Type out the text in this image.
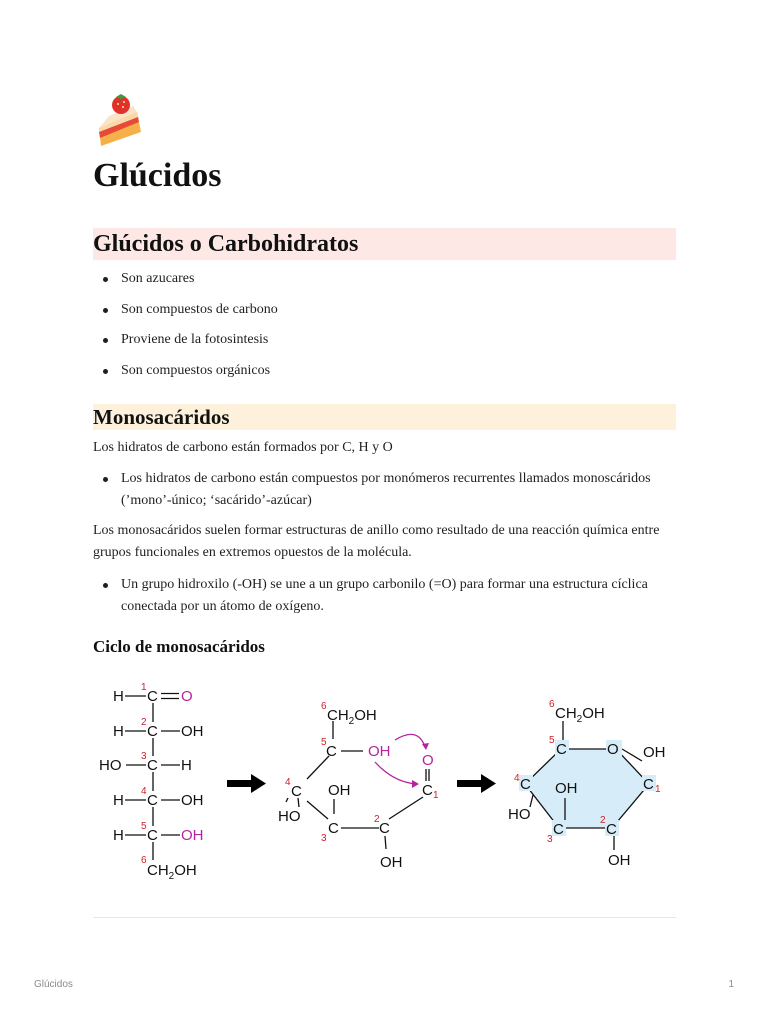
Glúcidos
Glúcidos o Carbohidratos
Son azucares
Son compuestos de carbono
Proviene de la fotosintesis
Son compuestos orgánicos
Monosacáridos

Los hidratos de carbono están formados por C, H y O

Los hidratos de carbono están compuestos por monómeros recurrentes llamados monoscáridos (’mono’-único; ‘sacárido’-azúcar)

Los monosacáridos suelen formar estructuras de anillo como resultado de una reacción química entre grupos funcionales en extremos opuestos de la molécula.

Un grupo hidroxilo (-OH) se une a un grupo carbonilo (=O) para formar una estructura cíclica conectada por un átomo de oxígeno.
Ciclo de monosacáridos
H C
1
O
H C
2
OH
HO C
3
H
H C
4
OH
H C
5
OH
6
$CH_2OH$
$CH_2OH$
6
C
5
OH
C
4 OH
HO
C
3
C
2
OH
C 1
O
$CH_2OH$
6
C
5
O OH
C 1
C
4
OH
HO
C
3
C
2
OH
Glúcidos	1
